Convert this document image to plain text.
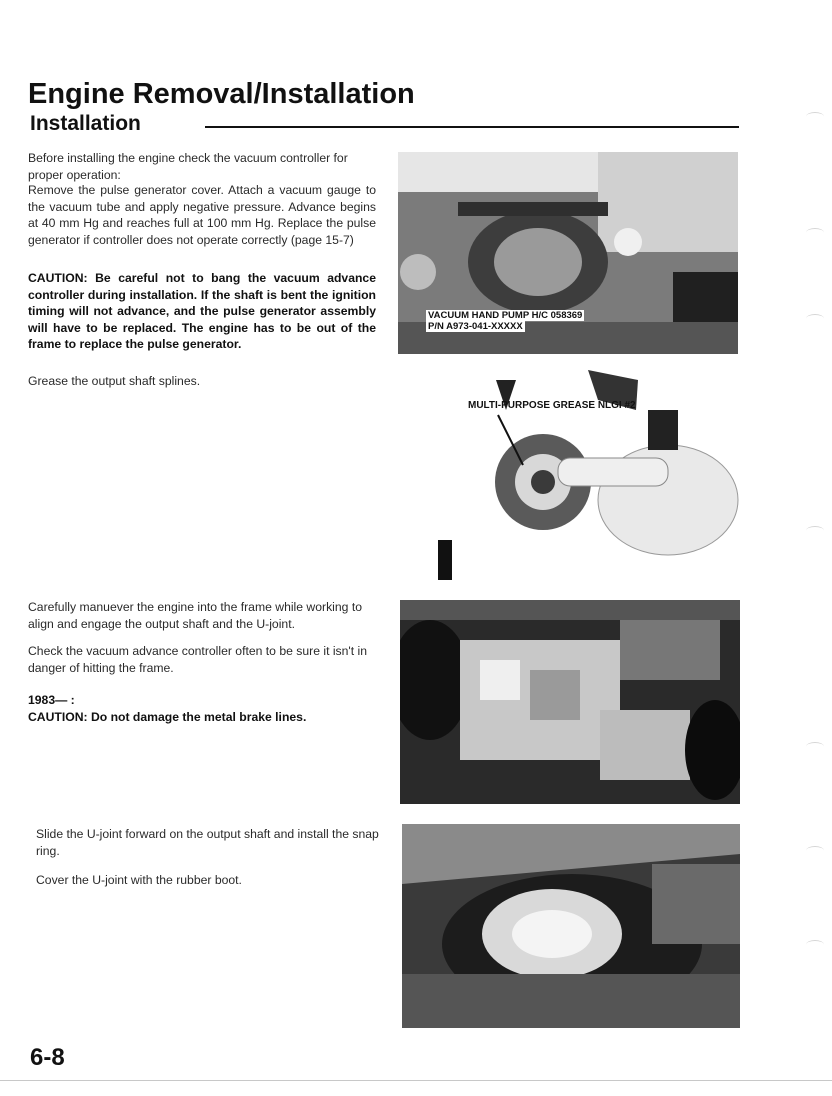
Engine Removal/Installation
Installation
Before installing the engine check the vacuum controller for proper operation:
Remove the pulse generator cover. Attach a vacuum gauge to the vacuum tube and apply negative pressure. Advance begins at 40 mm Hg and reaches full at 100 mm Hg. Replace the pulse generator if controller does not operate correctly (page 15-7)
CAUTION: Be careful not to bang the vacuum advance controller during installation. If the shaft is bent the ignition timing will not advance, and the pulse generator assembly will have to be replaced. The engine has to be out of the frame to replace the pulse generator.
VACUUM HAND PUMP H/C 058369
P/N A973-041-XXXXX
Grease the output shaft splines.
MULTI-PURPOSE GREASE NLGI #2
Carefully manuever the engine into the frame while working to align and engage the output shaft and the U-joint.
Check the vacuum advance controller often to be sure it isn't in danger of hitting the frame.
1983— :
CAUTION: Do not damage the metal brake lines.
Slide the U-joint forward on the output shaft and install the snap ring.
Cover the U-joint with the rubber boot.
6-8
